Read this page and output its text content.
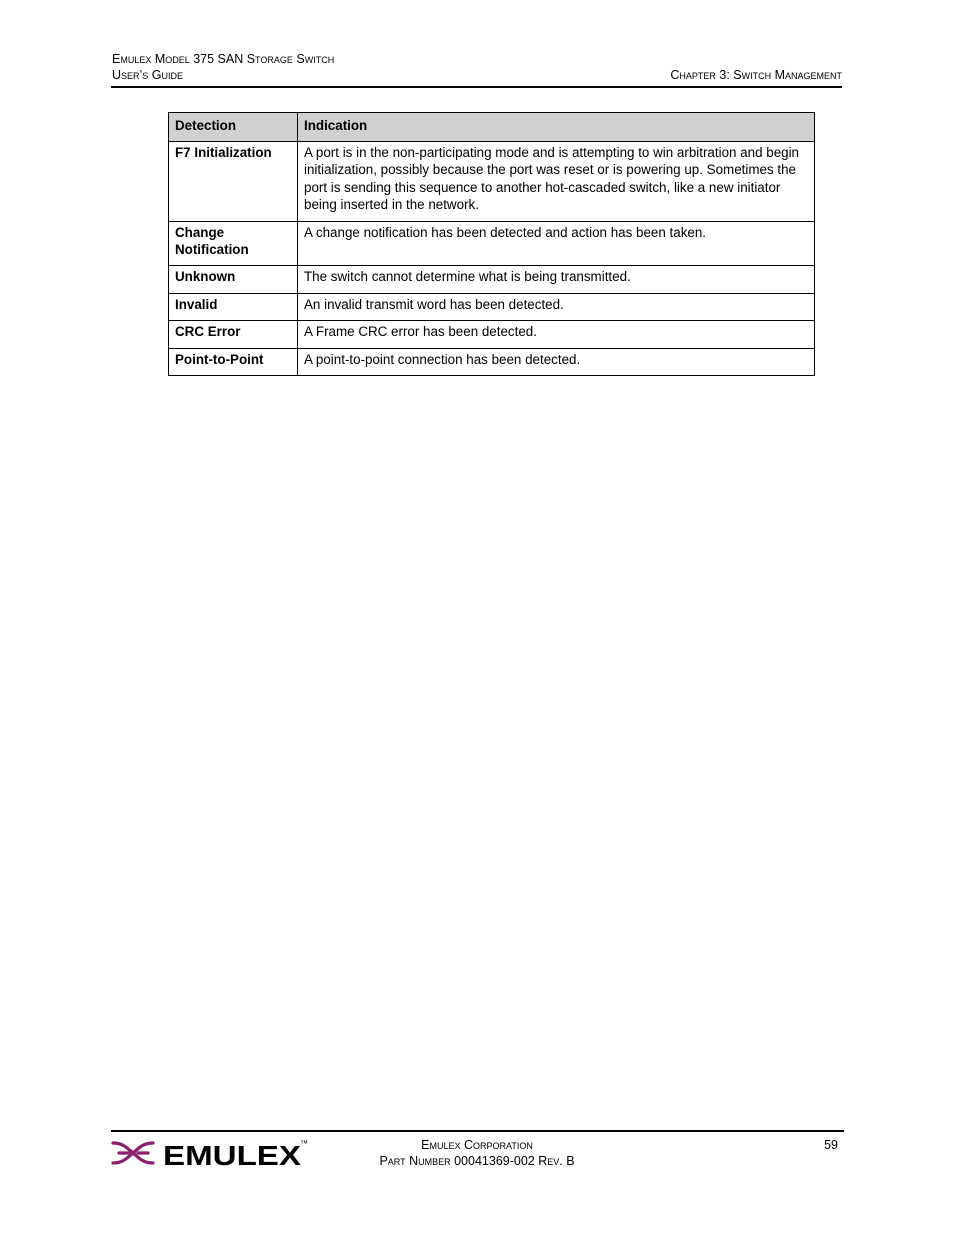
Emulex Model 375 SAN Storage Switch
User’s Guide	Chapter 3: Switch Management
Detection	Indication
F7 Initialization	A port is in the non-participating mode and is attempting to win arbitration and begin initialization, possibly because the port was reset or is powering up. Sometimes the port is sending this sequence to another hot-cascaded switch, like a new initiator being inserted in the network.
Change Notification	A change notification has been detected and action has been taken.
Unknown	The switch cannot determine what is being transmitted.
Invalid	An invalid transmit word has been detected.
CRC Error	A Frame CRC error has been detected.
Point-to-Point	A point-to-point connection has been detected.
EMULEX
™	Emulex Corporation
Part Number 00041369-002 Rev. B
59
